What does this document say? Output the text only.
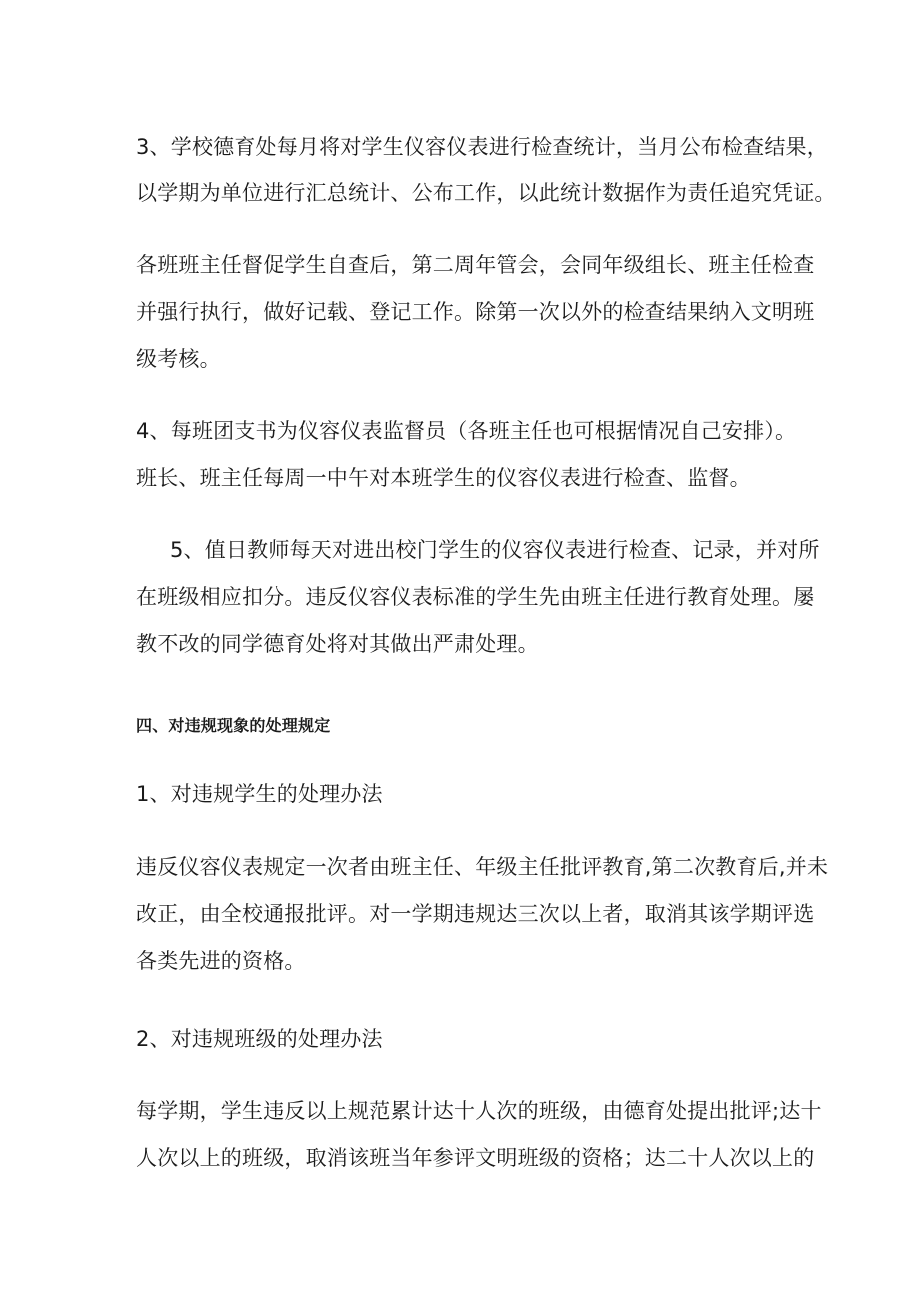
3、学校德育处每月将对学生仪容仪表进行检查统计，当月公布检查结果，
以学期为单位进行汇总统计、公布工作，以此统计数据作为责任追究凭证。
各班班主任督促学生自查后，第二周年管会，会同年级组长、班主任检查
并强行执行，做好记载、登记工作。除第一次以外的检查结果纳入文明班
级考核。
4、每班团支书为仪容仪表监督员（各班主任也可根据情况自己安排）。
班长、班主任每周一中午对本班学生的仪容仪表进行检查、监督。
5、值日教师每天对进出校门学生的仪容仪表进行检查、记录，并对所
在班级相应扣分。违反仪容仪表标准的学生先由班主任进行教育处理。屡
教不改的同学德育处将对其做出严肃处理。
四、对违规现象的处理规定
1、对违规学生的处理办法
违反仪容仪表规定一次者由班主任、年级主任批评教育,第二次教育后,并未
改正，由全校通报批评。对一学期违规达三次以上者，取消其该学期评选
各类先进的资格。
2、对违规班级的处理办法
每学期，学生违反以上规范累计达十人次的班级，由德育处提出批评;达十
人次以上的班级，取消该班当年参评文明班级的资格；达二十人次以上的
